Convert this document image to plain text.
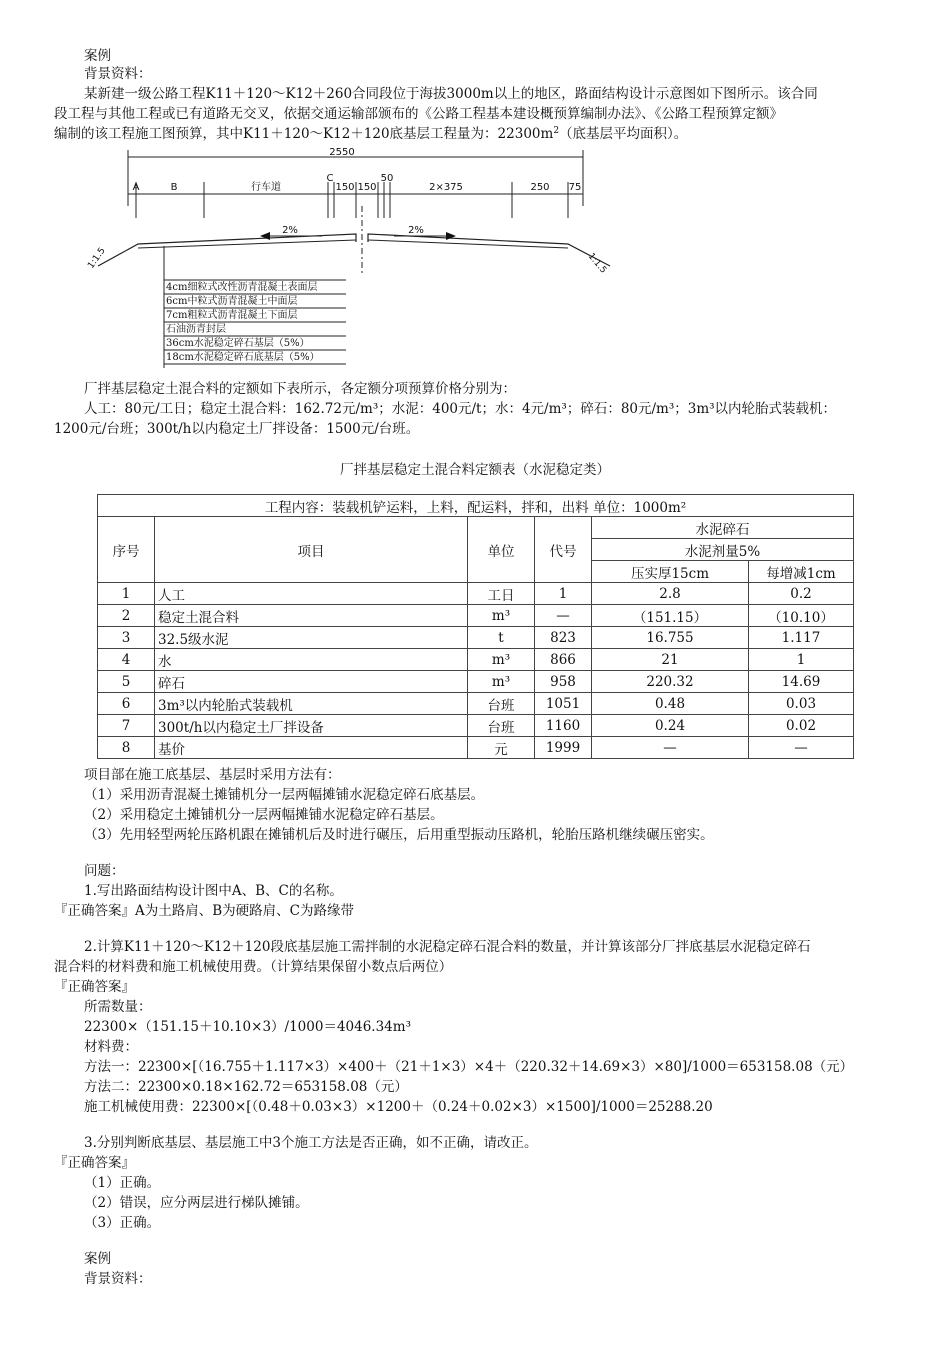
案例
背景资料：
某新建一级公路工程K11＋120～K12＋260合同段位于海拔3000m以上的地区，路面结构设计示意图如下图所示。该合同
段工程与其他工程或已有道路无交叉，依据交通运输部颁布的《公路工程基本建设概预算编制办法》、《公路工程预算定额》
编制的该工程施工图预算，其中K11＋120～K12＋120底基层工程量为：$22300m^2$（底基层平均面积）。
2550
A	B	行车道
C
150 150
50
2×375	250 75
2%	2%
1:1.5	1:1.5
4cm细粒式改性沥青混凝土表面层
6cm中粒式沥青混凝土中面层
7cm粗粒式沥青混凝土下面层
石油沥青封层
36cm水泥稳定碎石基层（5%）
18cm水泥稳定碎石底基层（5%）
厂拌基层稳定土混合料的定额如下表所示，各定额分项预算价格分别为：
人工：80元/工日；稳定土混合料：162.72元/m³；水泥：400元/t；水：4元/m³；碎石：80元/m³；3m³以内轮胎式装载机：
1200元/台班；300t/h以内稳定土厂拌设备：1500元/台班。
厂拌基层稳定土混合料定额表（水泥稳定类）
工程内容：装载机铲运料，上料，配运料，拌和，出料 单位：1000m²					
序号	项目	单位	代号	水泥碎石	
				水泥剂量5%	
				压实厚15cm	每增减1cm
1	人工	工日	1	2.8	0.2
2	稳定土混合料	m³	—	（151.15）	（10.10）
3	32.5级水泥	t	823	16.755	1.117
4	水	m³	866	21	1
5	碎石	m³	958	220.32	14.69
6	3m³以内轮胎式装载机	台班	1051	0.48	0.03
7	300t/h以内稳定土厂拌设备	台班	1160	0.24	0.02
8	基价	元	1999	—	—
项目部在施工底基层、基层时采用方法有：
（1）采用沥青混凝土摊铺机分一层两幅摊铺水泥稳定碎石底基层。
（2）采用稳定土摊铺机分一层两幅摊铺水泥稳定碎石基层。
（3）先用轻型两轮压路机跟在摊铺机后及时进行碾压，后用重型振动压路机，轮胎压路机继续碾压密实。
问题：
1.写出路面结构设计图中A、B、C的名称。
『正确答案』A为土路肩、B为硬路肩、C为路缘带
2.计算K11＋120～K12＋120段底基层施工需拌制的水泥稳定碎石混合料的数量，并计算该部分厂拌底基层水泥稳定碎石
混合料的材料费和施工机械使用费。（计算结果保留小数点后两位）
『正确答案』
所需数量：
22300×（151.15＋10.10×3）/1000＝4046.34m³
材料费：
方法一：22300×[（16.755＋1.117×3）×400＋（21＋1×3）×4＋（220.32＋14.69×3）×80]/1000＝653158.08（元）
方法二：22300×0.18×162.72＝653158.08（元）
施工机械使用费：22300×[（0.48＋0.03×3）×1200＋（0.24＋0.02×3）×1500]/1000＝25288.20
3.分别判断底基层、基层施工中3个施工方法是否正确，如不正确，请改正。
『正确答案』
（1）正确。
（2）错误，应分两层进行梯队摊铺。
（3）正确。
案例
背景资料：
